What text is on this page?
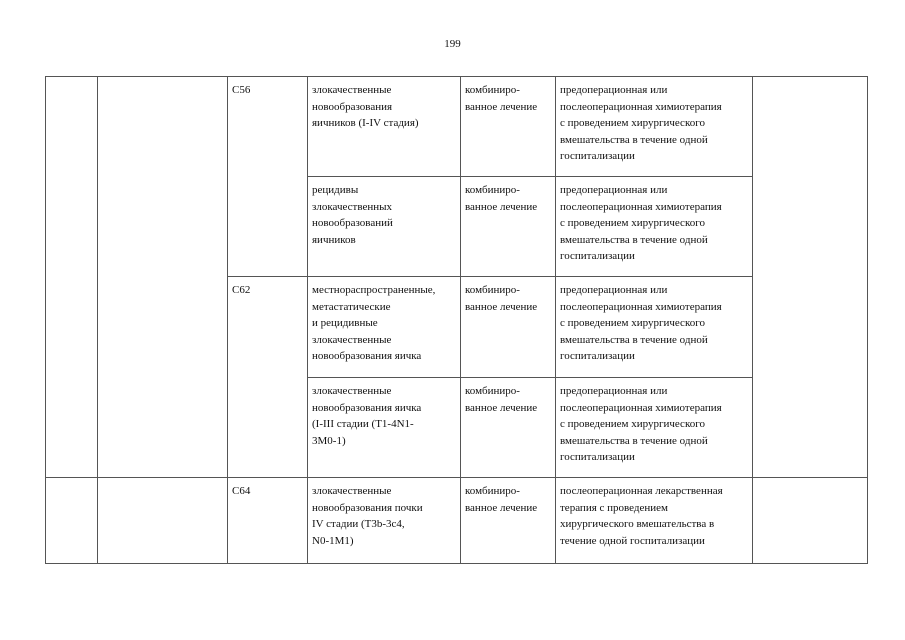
199
		C56	злокачественные
новообразования
яичников (I-IV стадия)	комбиниро-
ванное лечение	предоперационная или
послеоперационная химиотерапия
с проведением хирургического
вмешательства в течение одной
госпитализации	
			рецидивы
злокачественных
новообразований
яичников	комбиниро-
ванное лечение	предоперационная или
послеоперационная химиотерапия
с проведением хирургического
вмешательства в течение одной
госпитализации	
		C62	местнораспространенные,
метастатические
и рецидивные
злокачественные
новообразования яичка	комбиниро-
ванное лечение	предоперационная или
послеоперационная химиотерапия
с проведением хирургического
вмешательства в течение одной
госпитализации	
			злокачественные
новообразования яичка
(I-III стадии (T1-4N1-
3M0-1)	комбиниро-
ванное лечение	предоперационная или
послеоперационная химиотерапия
с проведением хирургического
вмешательства в течение одной
госпитализации	
		C64	злокачественные
новообразования почки
IV стадии (T3b-3c4,
N0-1M1)	комбиниро-
ванное лечение	послеоперационная лекарственная
терапия с проведением
хирургического вмешательства в
течение одной госпитализации	
